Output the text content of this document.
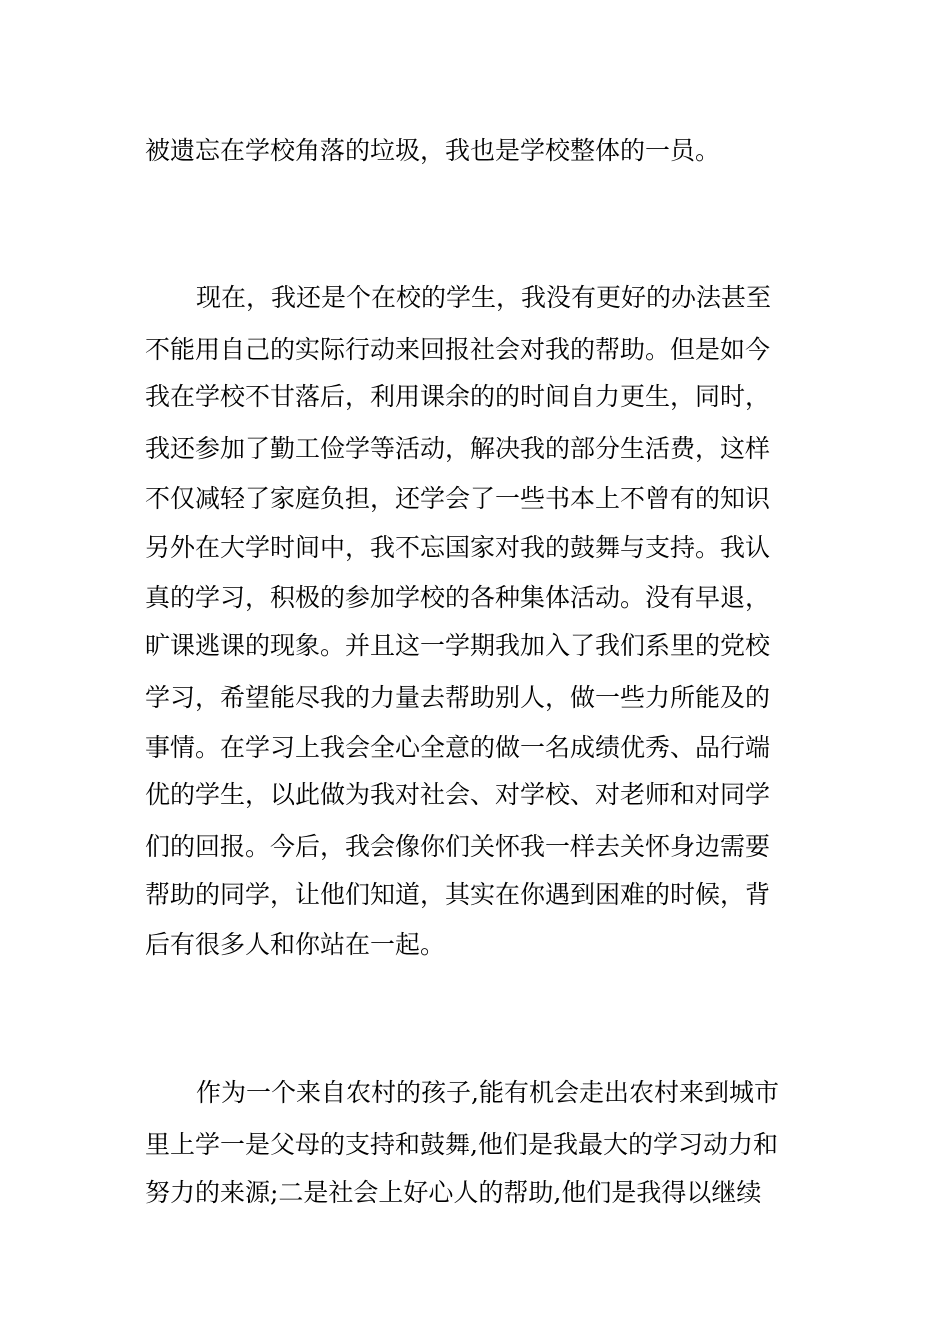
被遗忘在学校角落的垃圾，我也是学校整体的一员。
现在，我还是个在校的学生，我没有更好的办法甚至
不能用自己的实际行动来回报社会对我的帮助。但是如今
我在学校不甘落后，利用课余的的时间自力更生，同时，
我还参加了勤工俭学等活动，解决我的部分生活费，这样
不仅减轻了家庭负担，还学会了一些书本上不曾有的知识
另外在大学时间中，我不忘国家对我的鼓舞与支持。我认
真的学习，积极的参加学校的各种集体活动。没有早退，
旷课逃课的现象。并且这一学期我加入了我们系里的党校
学习，希望能尽我的力量去帮助别人，做一些力所能及的
事情。在学习上我会全心全意的做一名成绩优秀、品行端
优的学生，以此做为我对社会、对学校、对老师和对同学
们的回报。今后，我会像你们关怀我一样去关怀身边需要
帮助的同学，让他们知道，其实在你遇到困难的时候，背
后有很多人和你站在一起。
作为一个来自农村的孩子,能有机会走出农村来到城市
里上学一是父母的支持和鼓舞,他们是我最大的学习动力和
努力的来源;二是社会上好心人的帮助,他们是我得以继续
